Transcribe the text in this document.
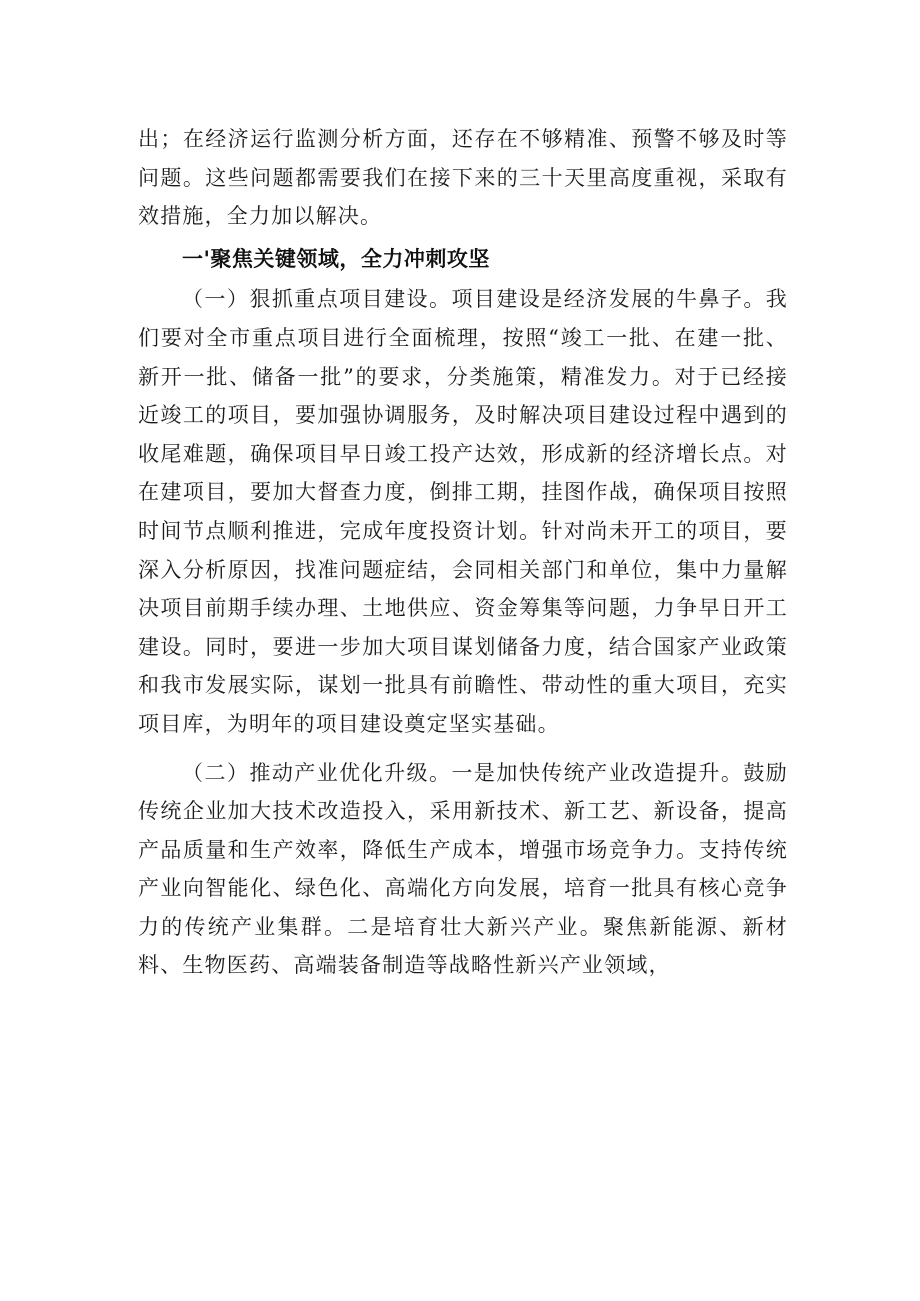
出；在经济运行监测分析方面，还存在不够精准、预警不够及时等问题。这些问题都需要我们在接下来的三十天里高度重视，采取有效措施，全力加以解决。

一'聚焦关键领域，全力冲刺攻坚

（一）狠抓重点项目建设。项目建设是经济发展的牛鼻子。我们要对全市重点项目进行全面梳理，按照“竣工一批、在建一批、新开一批、储备一批”的要求，分类施策，精准发力。对于已经接近竣工的项目，要加强协调服务，及时解决项目建设过程中遇到的收尾难题，确保项目早日竣工投产达效，形成新的经济增长点。对在建项目，要加大督查力度，倒排工期，挂图作战，确保项目按照时间节点顺利推进，完成年度投资计划。针对尚未开工的项目，要深入分析原因，找准问题症结，会同相关部门和单位，集中力量解决项目前期手续办理、土地供应、资金筹集等问题，力争早日开工建设。同时，要进一步加大项目谋划储备力度，结合国家产业政策和我市发展实际，谋划一批具有前瞻性、带动性的重大项目，充实项目库，为明年的项目建设奠定坚实基础。

（二）推动产业优化升级。一是加快传统产业改造提升。鼓励传统企业加大技术改造投入，采用新技术、新工艺、新设备，提高产品质量和生产效率，降低生产成本，增强市场竞争力。支持传统产业向智能化、绿色化、高端化方向发展，培育一批具有核心竞争力的传统产业集群。二是培育壮大新兴产业。聚焦新能源、新材料、生物医药、高端装备制造等战略性新兴产业领域，
